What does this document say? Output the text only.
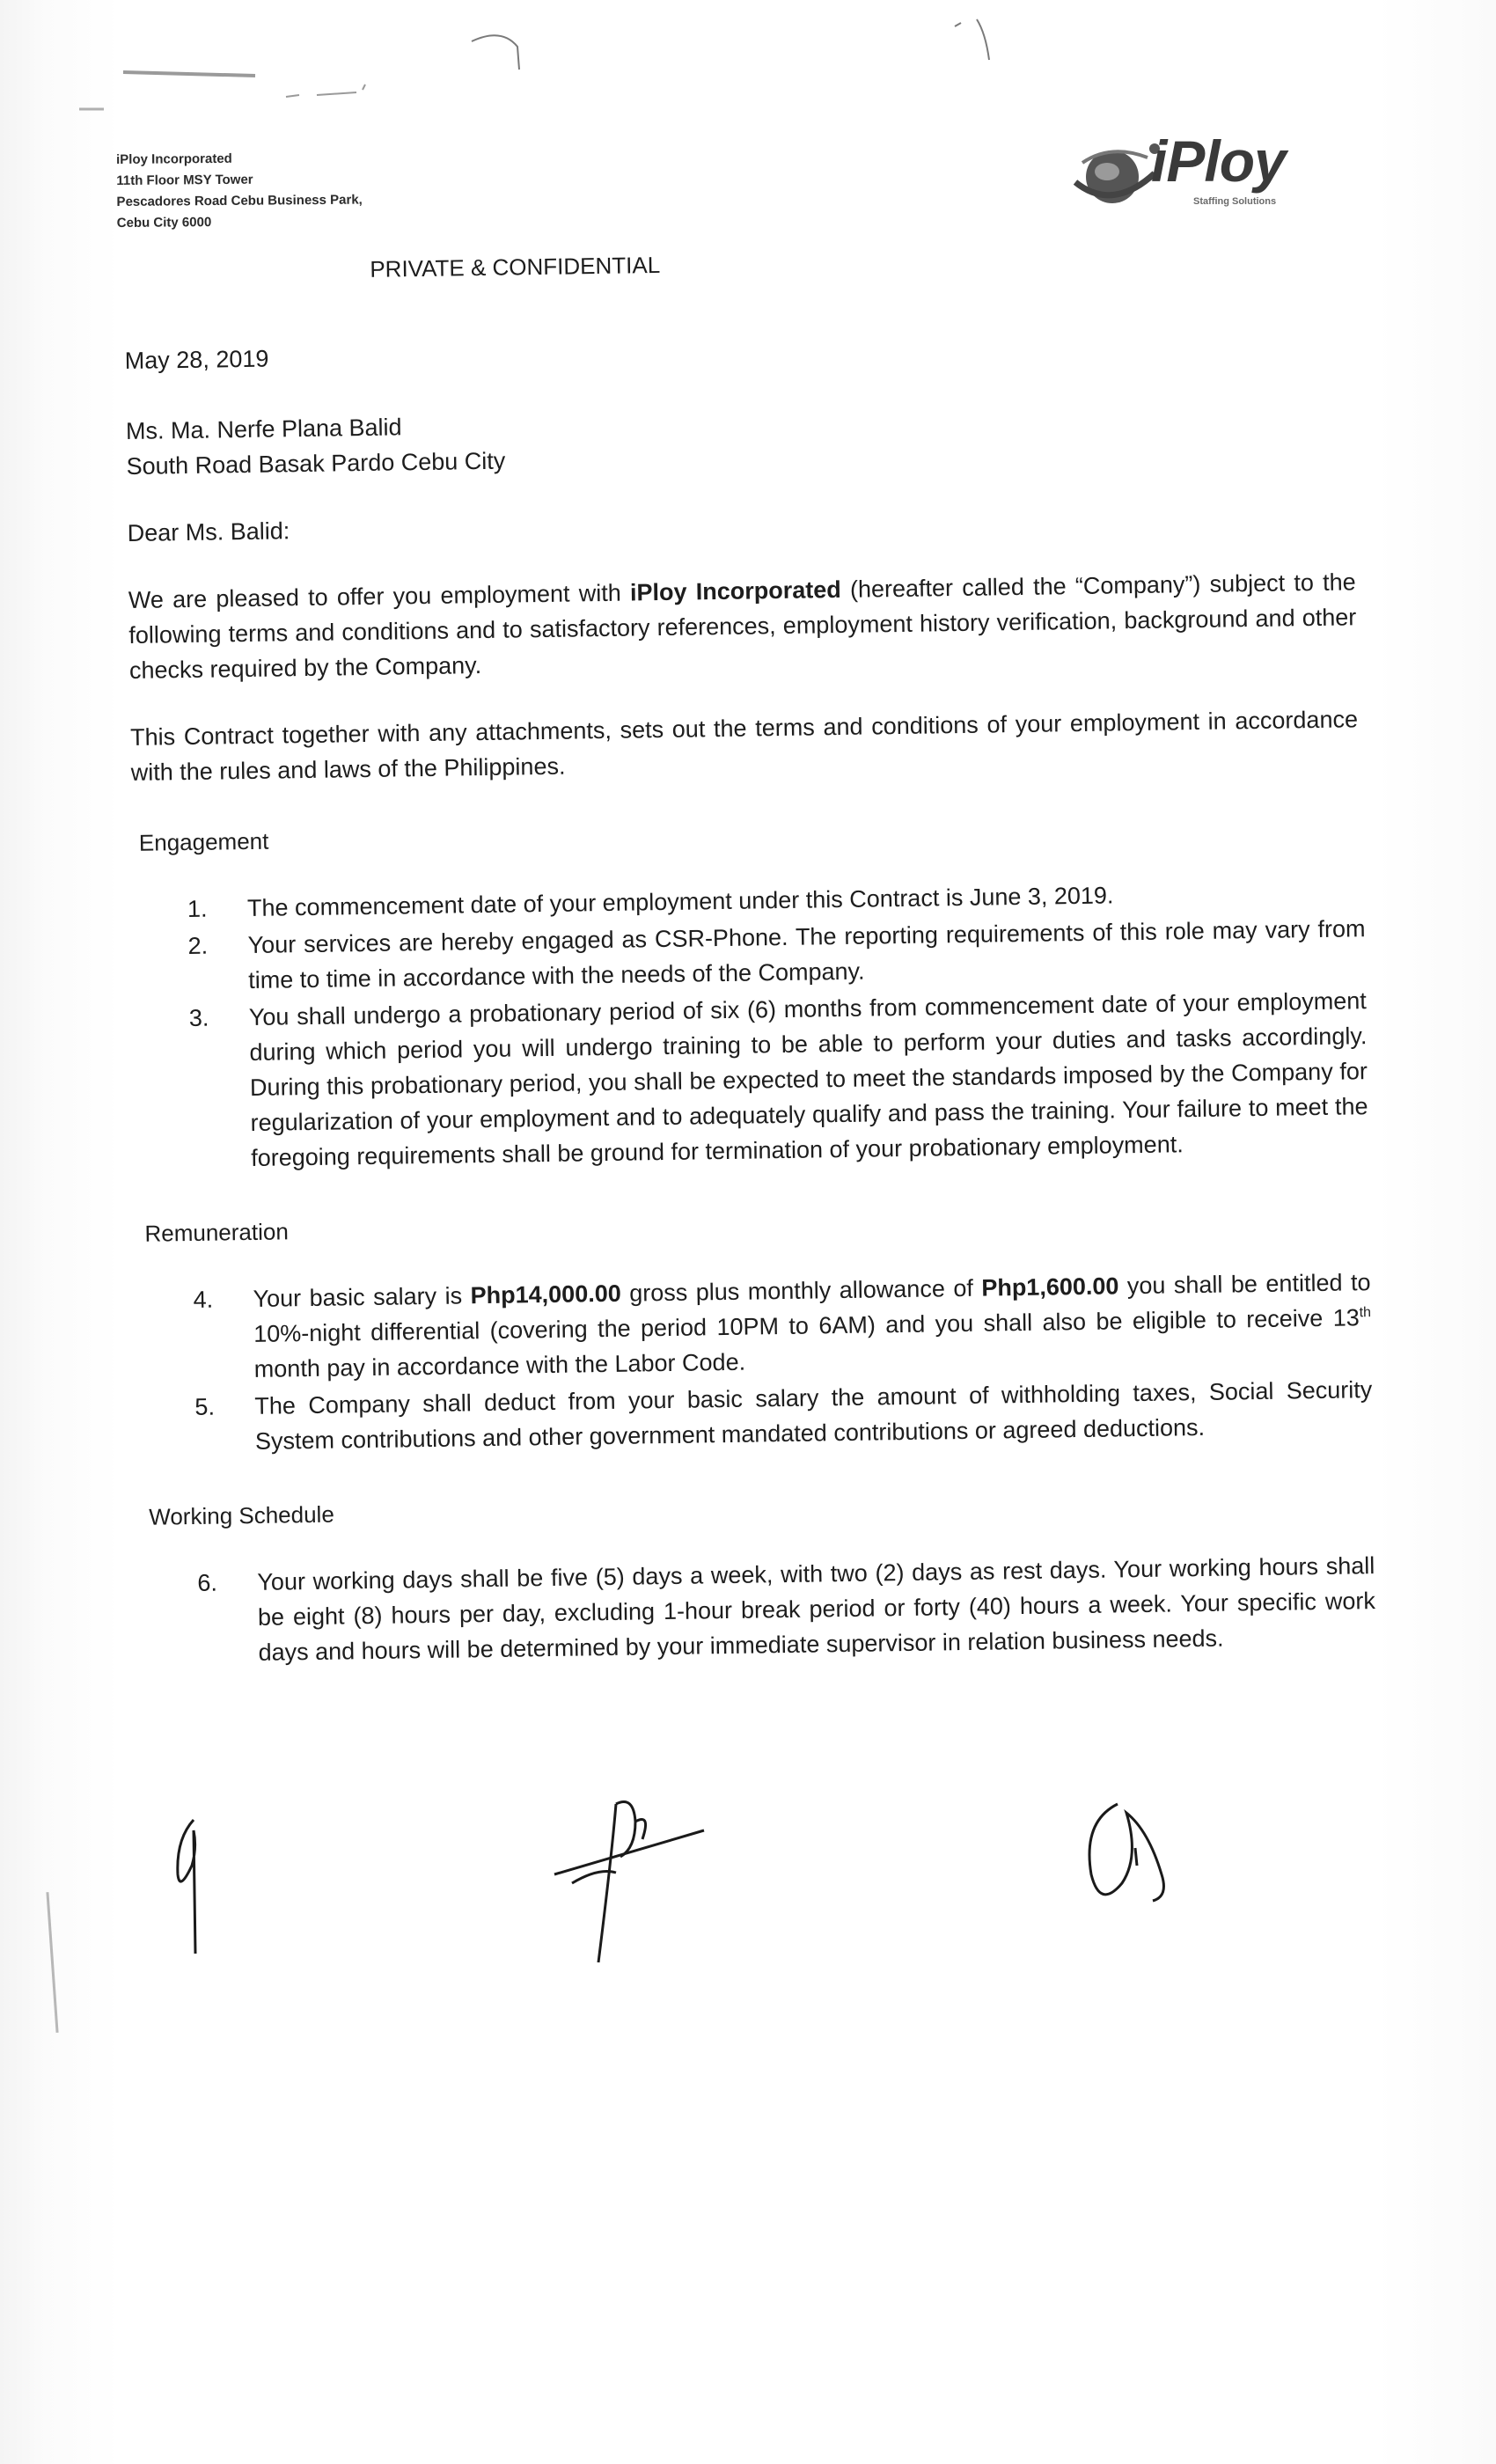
iPloy Incorporated
11th Floor MSY Tower
Pescadores Road Cebu Business Park,
Cebu City 6000
iPloy
Staffing Solutions
PRIVATE & CONFIDENTIAL
May 28, 2019
Ms. Ma. Nerfe Plana Balid
South Road Basak Pardo Cebu City
Dear Ms. Balid:

We are pleased to offer you employment with iPloy Incorporated (hereafter called the “Company”) subject to the following terms and conditions and to satisfactory references, employment history verification, background and other checks required by the Company.

This Contract together with any attachments, sets out the terms and conditions of your employment in accordance with the rules and laws of the Philippines.

Engagement
1.	The commencement date of your employment under this Contract is June 3, 2019.
2.	Your services are hereby engaged as CSR-Phone. The reporting requirements of this role may vary from time to time in accordance with the needs of the Company.
3.	You shall undergo a probationary period of six (6) months from commencement date of your employment during which period you will undergo training to be able to perform your duties and tasks accordingly. During this probationary period, you shall be expected to meet the standards imposed by the Company for regularization of your employment and to adequately qualify and pass the training. Your failure to meet the foregoing requirements shall be ground for termination of your probationary employment.
Remuneration
4.	Your basic salary is Php14,000.00 gross plus monthly allowance of Php1,600.00 you shall be entitled to 10%-night differential (covering the period 10PM to 6AM) and you shall also be eligible to receive 13th month pay in accordance with the Labor Code.
5.	The Company shall deduct from your basic salary the amount of withholding taxes, Social Security System contributions and other government mandated contributions or agreed deductions.
Working Schedule
6.	Your working days shall be five (5) days a week, with two (2) days as rest days. Your working hours shall be eight (8) hours per day, excluding 1-hour break period or forty (40) hours a week. Your specific work days and hours will be determined by your immediate supervisor in relation business needs.
